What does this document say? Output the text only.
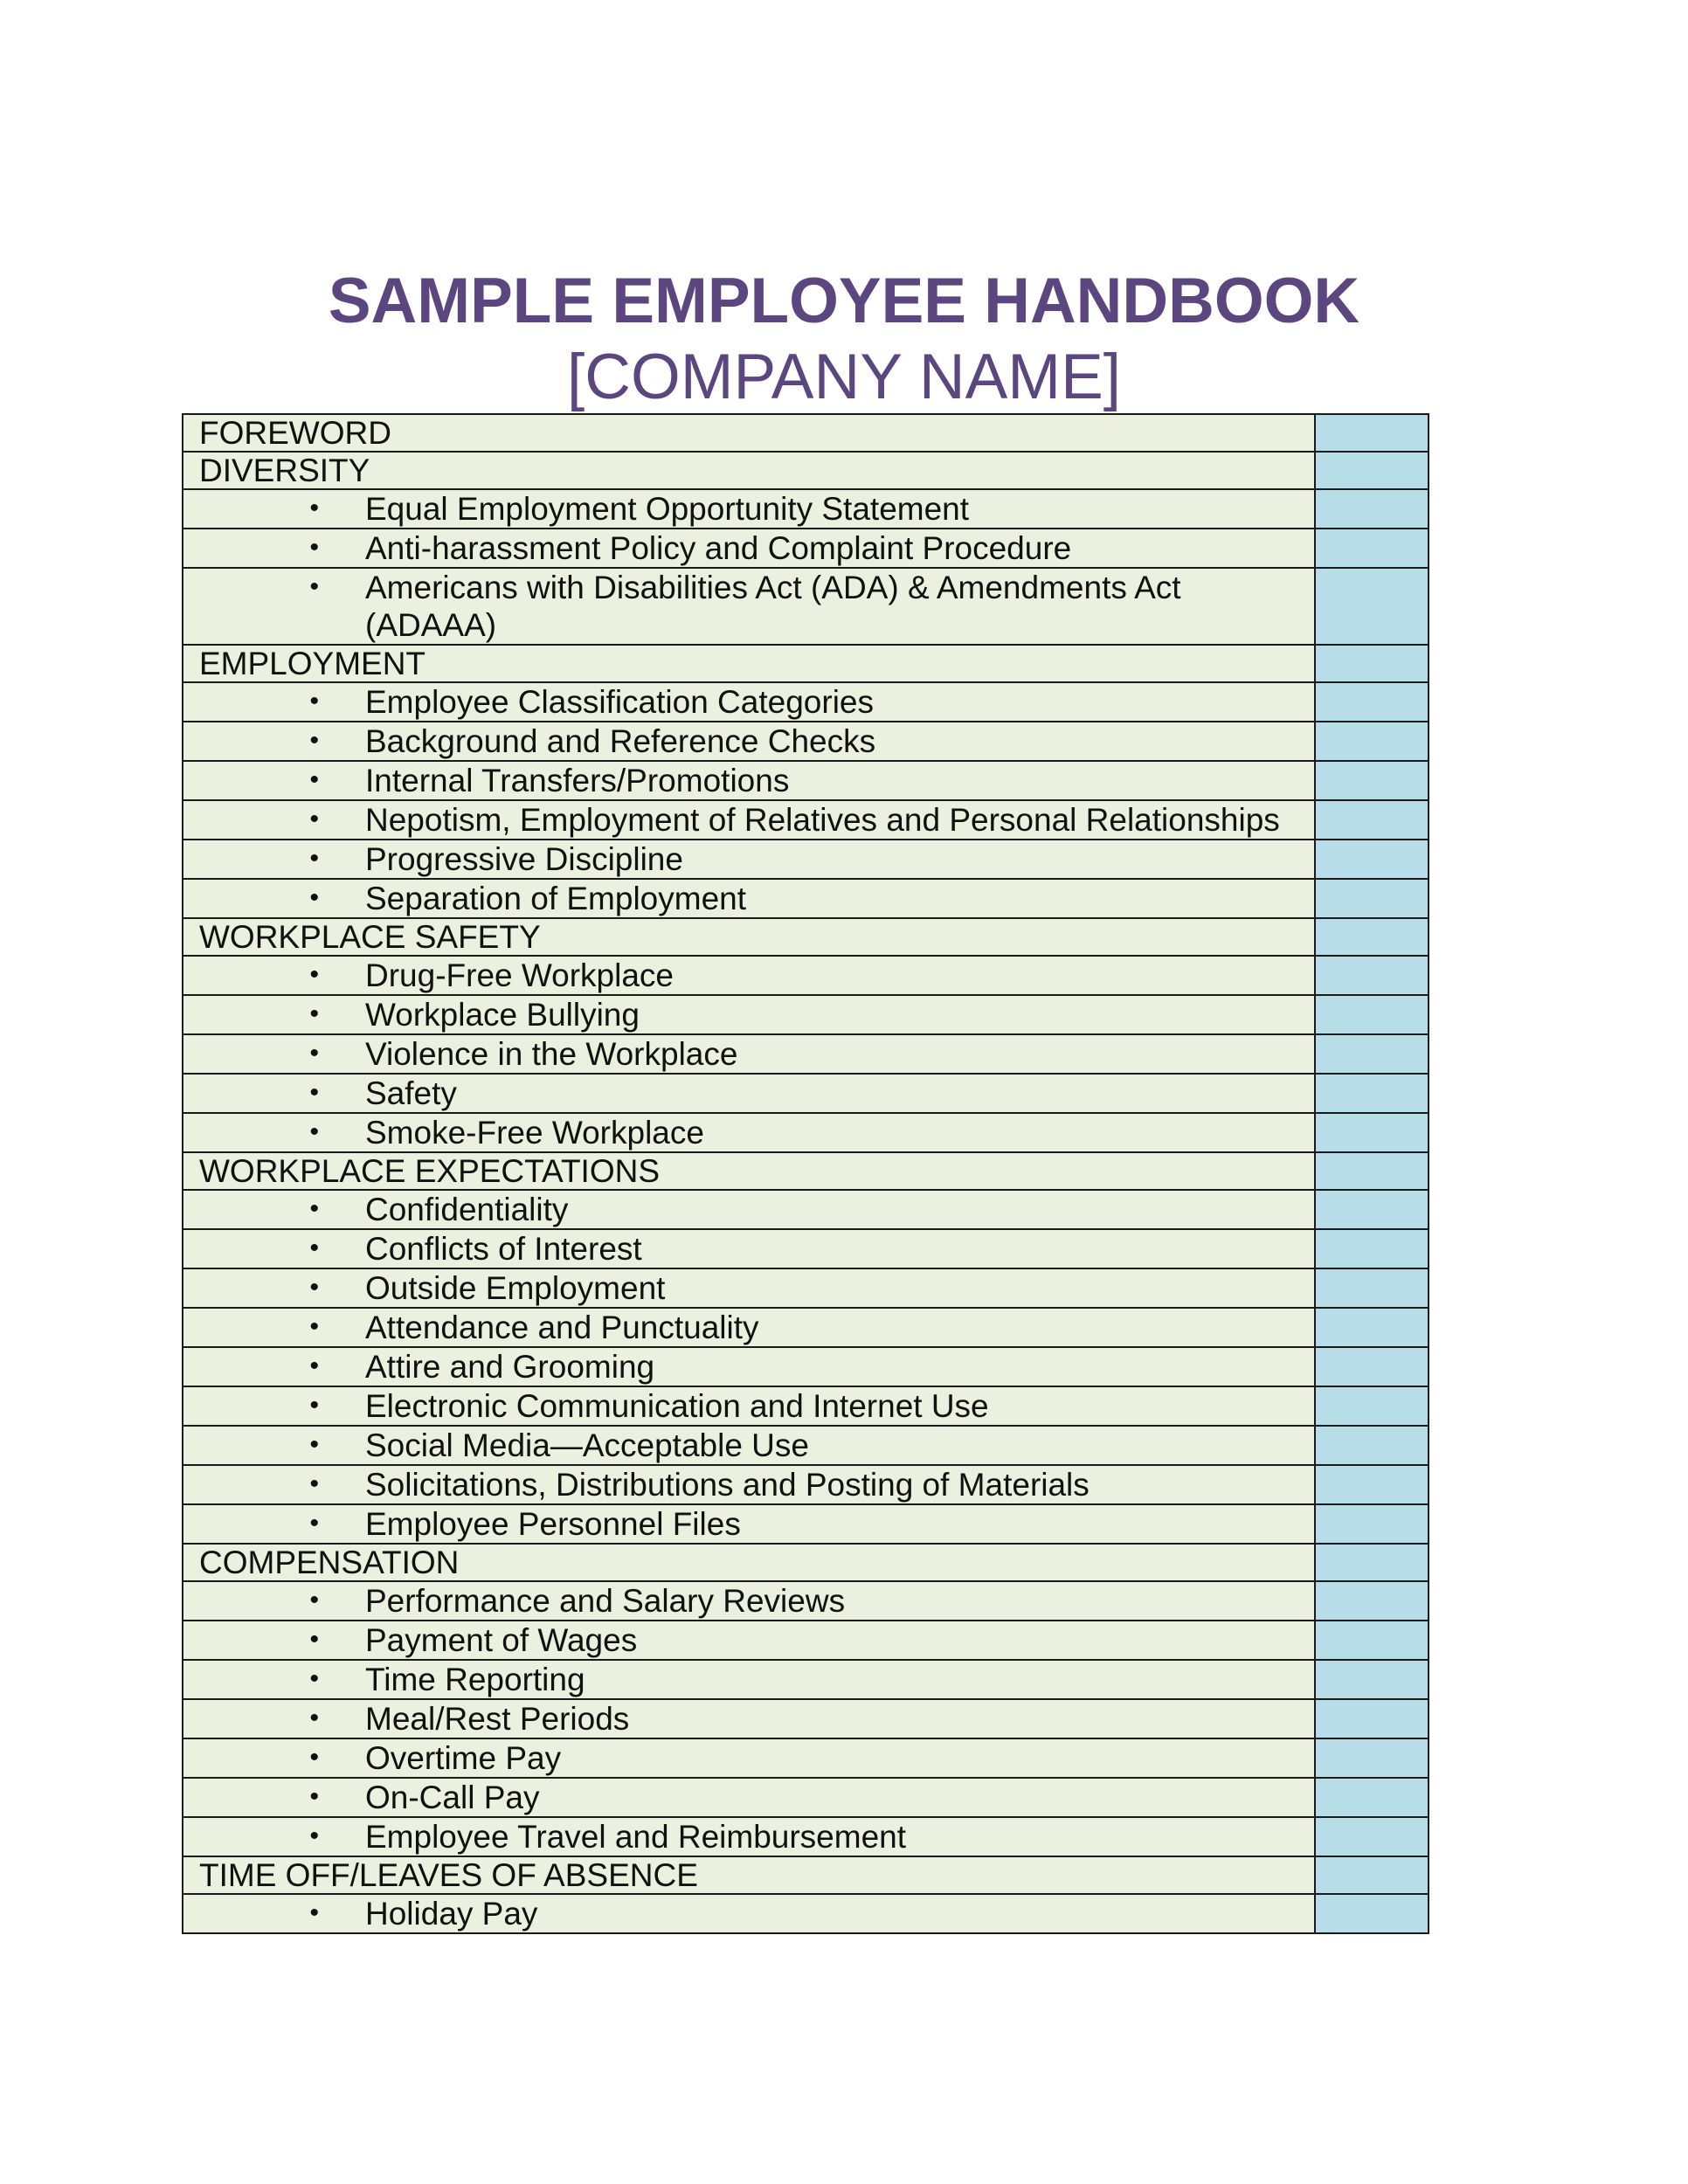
SAMPLE EMPLOYEE HANDBOOK
[COMPANY NAME]
FOREWORD	

DIVERSITY	

• Equal Employment Opportunity Statement	

• Anti-harassment Policy and Complaint Procedure	

• Americans with Disabilities Act (ADA) & Amendments Act (ADAAA)	

EMPLOYMENT	

• Employee Classification Categories	

• Background and Reference Checks	

• Internal Transfers/Promotions	

• Nepotism, Employment of Relatives and Personal Relationships	

• Progressive Discipline	

• Separation of Employment	

WORKPLACE SAFETY	

• Drug-Free Workplace	

• Workplace Bullying	

• Violence in the Workplace	

• Safety	

• Smoke-Free Workplace	

WORKPLACE EXPECTATIONS	

• Confidentiality	

• Conflicts of Interest	

• Outside Employment	

• Attendance and Punctuality	

• Attire and Grooming	

• Electronic Communication and Internet Use	

• Social Media—Acceptable Use	

• Solicitations, Distributions and Posting of Materials	

• Employee Personnel Files	

COMPENSATION	

• Performance and Salary Reviews	

• Payment of Wages	

• Time Reporting	

• Meal/Rest Periods	

• Overtime Pay	

• On-Call Pay	

• Employee Travel and Reimbursement	

TIME OFF/LEAVES OF ABSENCE	

• Holiday Pay	
